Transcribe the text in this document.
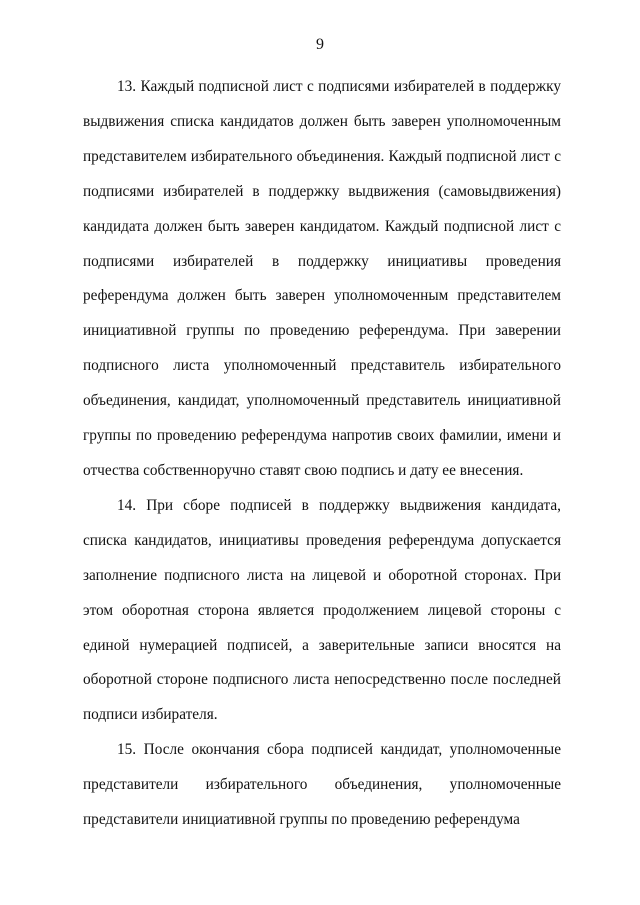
9

13. Каждый подписной лист с подписями избирателей в поддержку выдвижения списка кандидатов должен быть заверен уполномоченным представителем избирательного объединения. Каждый подписной лист с подписями избирателей в поддержку выдвижения (самовыдвижения) кандидата должен быть заверен кандидатом. Каждый подписной лист с подписями избирателей в поддержку инициативы проведения референдума должен быть заверен уполномоченным представителем инициативной группы по проведению референдума. При заверении подписного листа уполномоченный представитель избирательного объединения, кандидат, уполномоченный представитель инициативной группы по проведению референдума напротив своих фамилии, имени и отчества собственноручно ставят свою подпись и дату ее внесения.

14. При сборе подписей в поддержку выдвижения кандидата, списка кандидатов, инициативы проведения референдума допускается заполнение подписного листа на лицевой и оборотной сторонах. При этом оборотная сторона является продолжением лицевой стороны с единой нумерацией подписей, а заверительные записи вносятся на оборотной стороне подписного листа непосредственно после последней подписи избирателя.

15. После окончания сбора подписей кандидат, уполномоченные представители избирательного объединения, уполномоченные представители инициативной группы по проведению референдума
